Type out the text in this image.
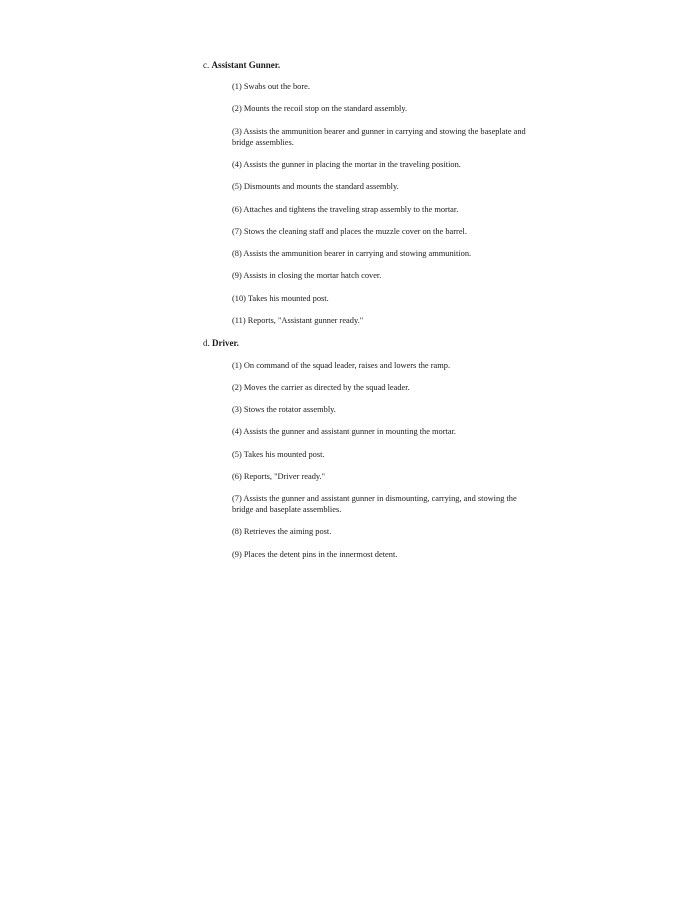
c. Assistant Gunner.
(1) Swabs out the bore.
(2) Mounts the recoil stop on the standard assembly.
(3) Assists the ammunition bearer and gunner in carrying and stowing the baseplate and bridge assemblies.
(4) Assists the gunner in placing the mortar in the traveling position.
(5) Dismounts and mounts the standard assembly.
(6) Attaches and tightens the traveling strap assembly to the mortar.
(7) Stows the cleaning staff and places the muzzle cover on the barrel.
(8) Assists the ammunition bearer in carrying and stowing ammunition.
(9) Assists in closing the mortar hatch cover.
(10) Takes his mounted post.
(11) Reports, "Assistant gunner ready."
d. Driver.
(1) On command of the squad leader, raises and lowers the ramp.
(2) Moves the carrier as directed by the squad leader.
(3) Stows the rotator assembly.
(4) Assists the gunner and assistant gunner in mounting the mortar.
(5) Takes his mounted post.
(6) Reports, "Driver ready."
(7) Assists the gunner and assistant gunner in dismounting, carrying, and stowing the bridge and baseplate assemblies.
(8) Retrieves the aiming post.
(9) Places the detent pins in the innermost detent.
